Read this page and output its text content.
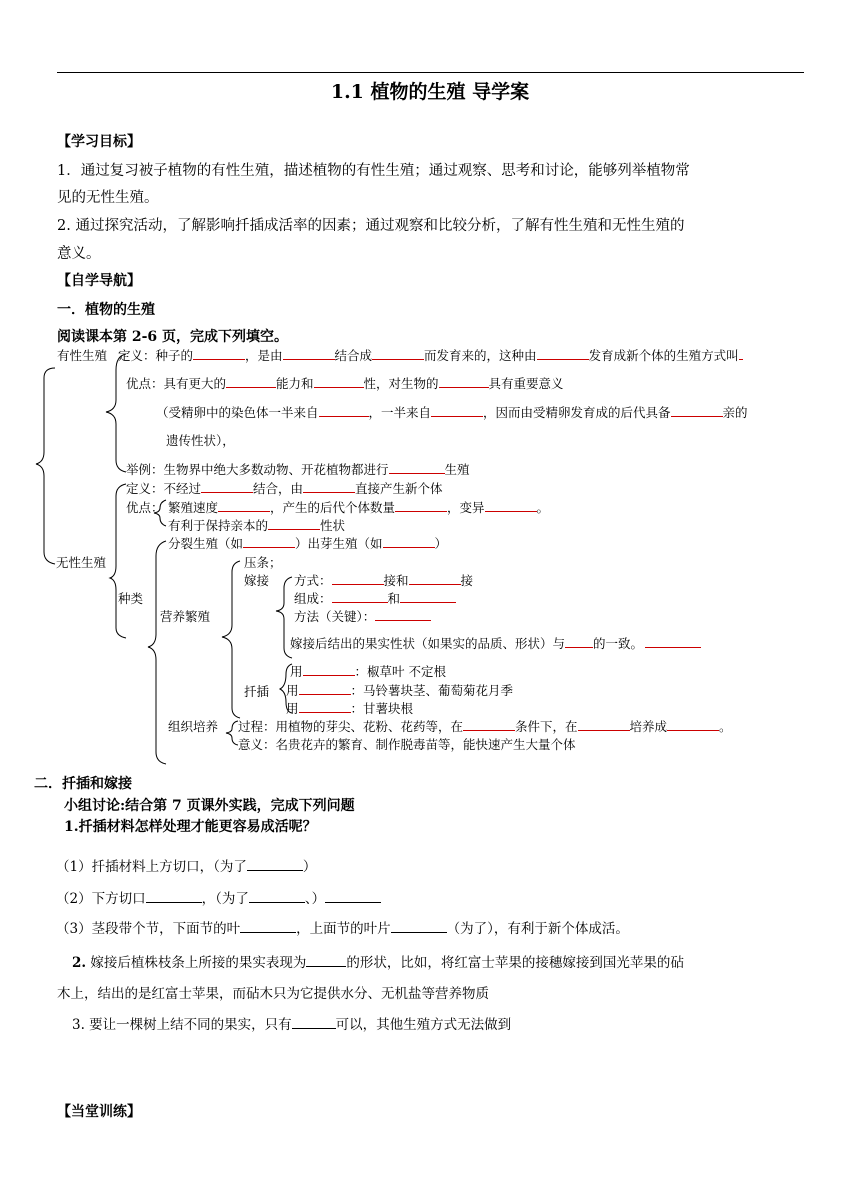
1.1 植物的生殖 导学案
【学习目标】
1．通过复习被子植物的有性生殖，描述植物的有性生殖；通过观察、思考和讨论，能够列举植物常
见的无性生殖。
2. 通过探究活动，了解影响扦插成活率的因素；通过观察和比较分析，了解有性生殖和无性生殖的
意义。
【自学导航】
一．植物的生殖
阅读课本第 2-6 页，完成下列填空。
有性生殖 定义：种子的	，是由	结合成	而发育来的，这种由	发育成新个体的生殖方式叫
优点：具有更大的	能力和	性，对生物的	具有重要意义
（受精卵中的染色体一半来自	，一半来自	，因而由受精卵发育成的后代具备	亲的
遗传性状），
举例：生物界中绝大多数动物、开花植物都进行	生殖
定义：不经过	结合，由	直接产生新个体
优点： 繁殖速度	，产生的后代个体数量	，变异	。
有利于保持亲本的	性状
分裂生殖（如	）出芽生殖（如	）
无性生殖
种类
压条；
嫁接
营养繁殖
方式：	接和	接
组成：	和
方法（关键）：
嫁接后结出的果实性状（如果实的品质、形状）与 的一致。
用	：椒草叶 不定根
扦插 用	：马铃薯块茎、葡萄菊花月季
用	：甘薯块根
组织培养 过程：用植物的芽尖、花粉、花药等，在	条件下，在	培养成	。
意义：名贵花卉的繁育、制作脱毒苗等，能快速产生大量个体
二．扦插和嫁接
小组讨论:结合第 7 页课外实践，完成下列问题
1.扦插材料怎样处理才能更容易成活呢？
（1）扦插材料上方切口，（为了	）
（2）下方切口	，（为了	、）
（3）茎段带个节，下面节的叶	，上面节的叶片	（为了），有利于新个体成活。
2. 嫁接后植株枝条上所接的果实表现为	的形状，比如，将红富士苹果的接穗嫁接到国光苹果的砧
木上，结出的是红富士苹果，而砧木只为它提供水分、无机盐等营养物质
3. 要让一棵树上结不同的果实，只有	可以，其他生殖方式无法做到
【当堂训练】
